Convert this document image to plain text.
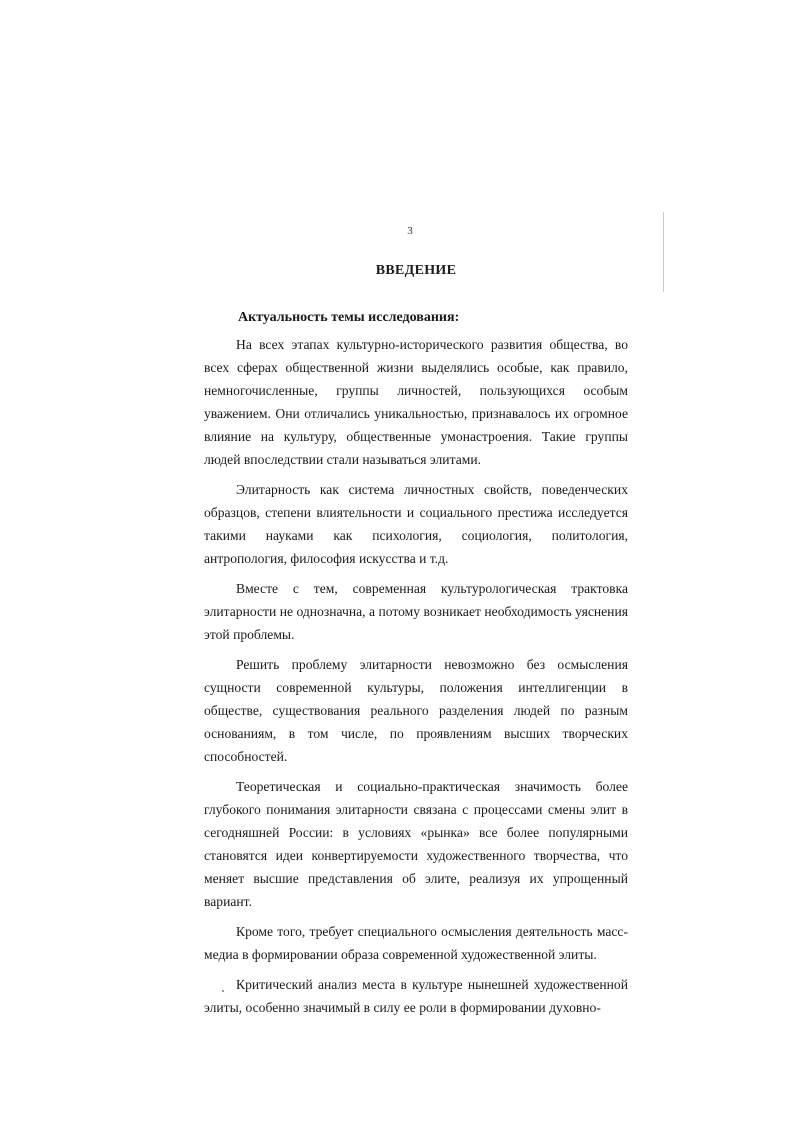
3
ВВЕДЕНИЕ
Актуальность темы исследования:

На всех этапах культурно-исторического развития общества, во всех сферах общественной жизни выделялись особые, как правило, немногочисленные, группы личностей, пользующихся особым уважением. Они отличались уникальностью, признавалось их огромное влияние на культуру, общественные умонастроения. Такие группы людей впоследствии стали называться элитами.

Элитарность как система личностных свойств, поведенческих образцов, степени влиятельности и социального престижа исследуется такими науками как психология, социология, политология, антропология, философия искусства и т.д.

Вместе с тем, современная культурологическая трактовка элитарности не однозначна, а потому возникает необходимость уяснения этой проблемы.

Решить проблему элитарности невозможно без осмысления сущности современной культуры, положения интеллигенции в обществе, существования реального разделения людей по разным основаниям, в том числе, по проявлениям высших творческих способностей.

Теоретическая и социально-практическая значимость более глубокого понимания элитарности связана с процессами смены элит в сегодняшней России: в условиях «рынка» все более популярными становятся идеи конвертируемости художественного творчества, что меняет высшие представления об элите, реализуя их упрощенный вариант.

Кроме того, требует специального осмысления деятельность масс-медиа в формировании образа современной художественной элиты.

Критический анализ места в культуре нынешней художественной элиты, особенно значимый в силу ее роли в формировании духовно-
